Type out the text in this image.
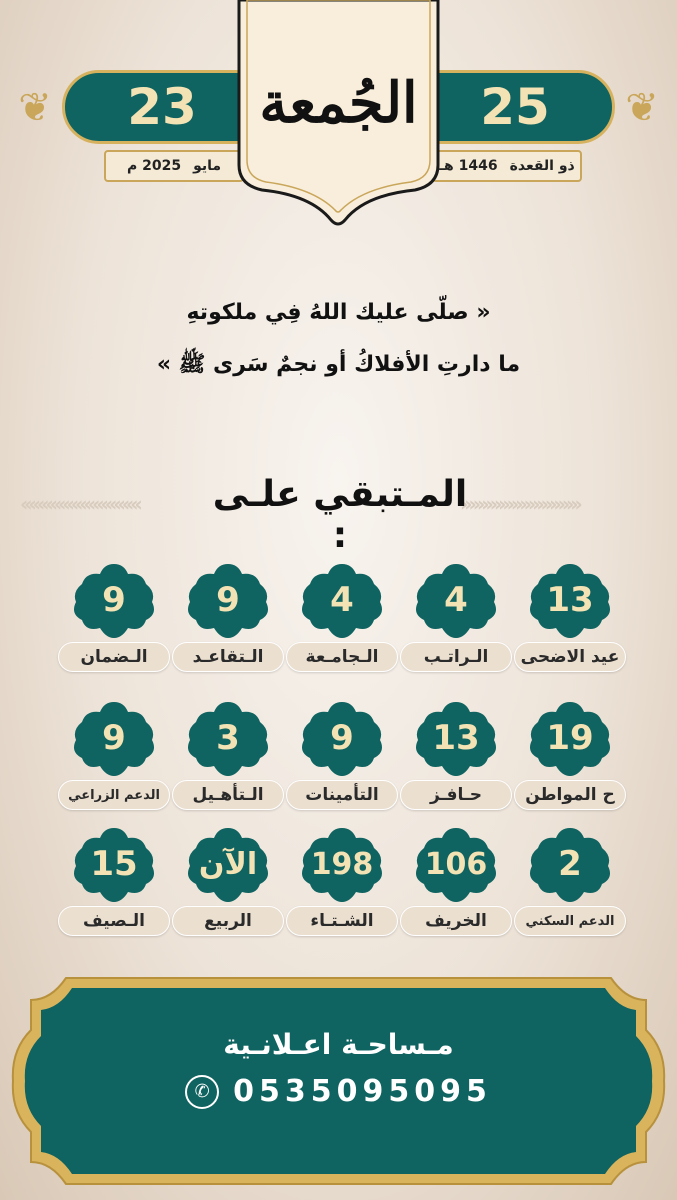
❦	❦
23	25
مايو
2025 م	ذو القعدة
1446 هـ
الجُمعة
« صلّى عليك اللهُ فِي ملكوتهِ
ما دارتِ الأفلاكُ أو نجمٌ سَرى ﷺ »
‹‹‹‹‹‹‹‹‹‹‹‹‹‹‹‹‹‹‹‹‹‹‹‹‹‹‹‹	››››››››››››››››››››››››››››
المـتبقي علـى :
13
عيد الاضحى
4
الـراتـب
4
الـجامـعة
9
الـتقاعـد
9
الـضمان
19
ح المواطن
13
حـافـز
9
التأمينات
3
الـتأهـيل
9
الدعم الزراعي
2
الدعم السكني
106
الخريف
198
الشـتـاء
الآن
الربيع
15
الـصيف
مـساحـة اعـلانـية
✆ 0535095095
